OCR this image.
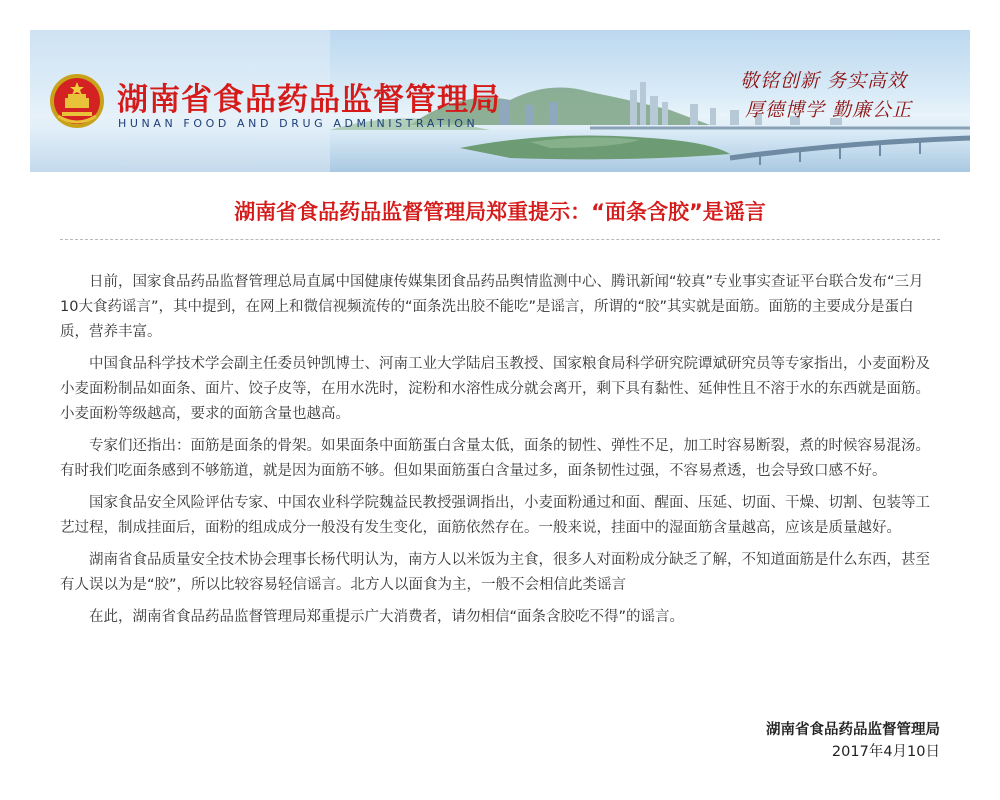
湖南省食品药品监督管理局
HUNAN FOOD AND DRUG ADMINISTRATION
敬铭创新 务实高效
厚德博学 勤廉公正
湖南省食品药品监督管理局郑重提示：“面条含胶”是谣言

日前，国家食品药品监督管理总局直属中国健康传媒集团食品药品舆情监测中心、腾讯新闻“较真”专业事实查证平台联合发布“三月10大食药谣言”，其中提到，在网上和微信视频流传的“面条洗出胶不能吃”是谣言，所谓的“胶”其实就是面筋。面筋的主要成分是蛋白质，营养丰富。

中国食品科学技术学会副主任委员钟凯博士、河南工业大学陆启玉教授、国家粮食局科学研究院谭斌研究员等专家指出，小麦面粉及小麦面粉制品如面条、面片、饺子皮等，在用水洗时，淀粉和水溶性成分就会离开，剩下具有黏性、延伸性且不溶于水的东西就是面筋。小麦面粉等级越高，要求的面筋含量也越高。

专家们还指出：面筋是面条的骨架。如果面条中面筋蛋白含量太低，面条的韧性、弹性不足，加工时容易断裂，煮的时候容易混汤。有时我们吃面条感到不够筋道，就是因为面筋不够。但如果面筋蛋白含量过多，面条韧性过强，不容易煮透，也会导致口感不好。

国家食品安全风险评估专家、中国农业科学院魏益民教授强调指出，小麦面粉通过和面、醒面、压延、切面、干燥、切割、包装等工艺过程，制成挂面后，面粉的组成成分一般没有发生变化，面筋依然存在。一般来说，挂面中的湿面筋含量越高，应该是质量越好。

湖南省食品质量安全技术协会理事长杨代明认为，南方人以米饭为主食，很多人对面粉成分缺乏了解，不知道面筋是什么东西，甚至有人误以为是“胶”，所以比较容易轻信谣言。北方人以面食为主，一般不会相信此类谣言

在此，湖南省食品药品监督管理局郑重提示广大消费者，请勿相信“面条含胶吃不得”的谣言。

湖南省食品药品监督管理局
2017年4月10日
